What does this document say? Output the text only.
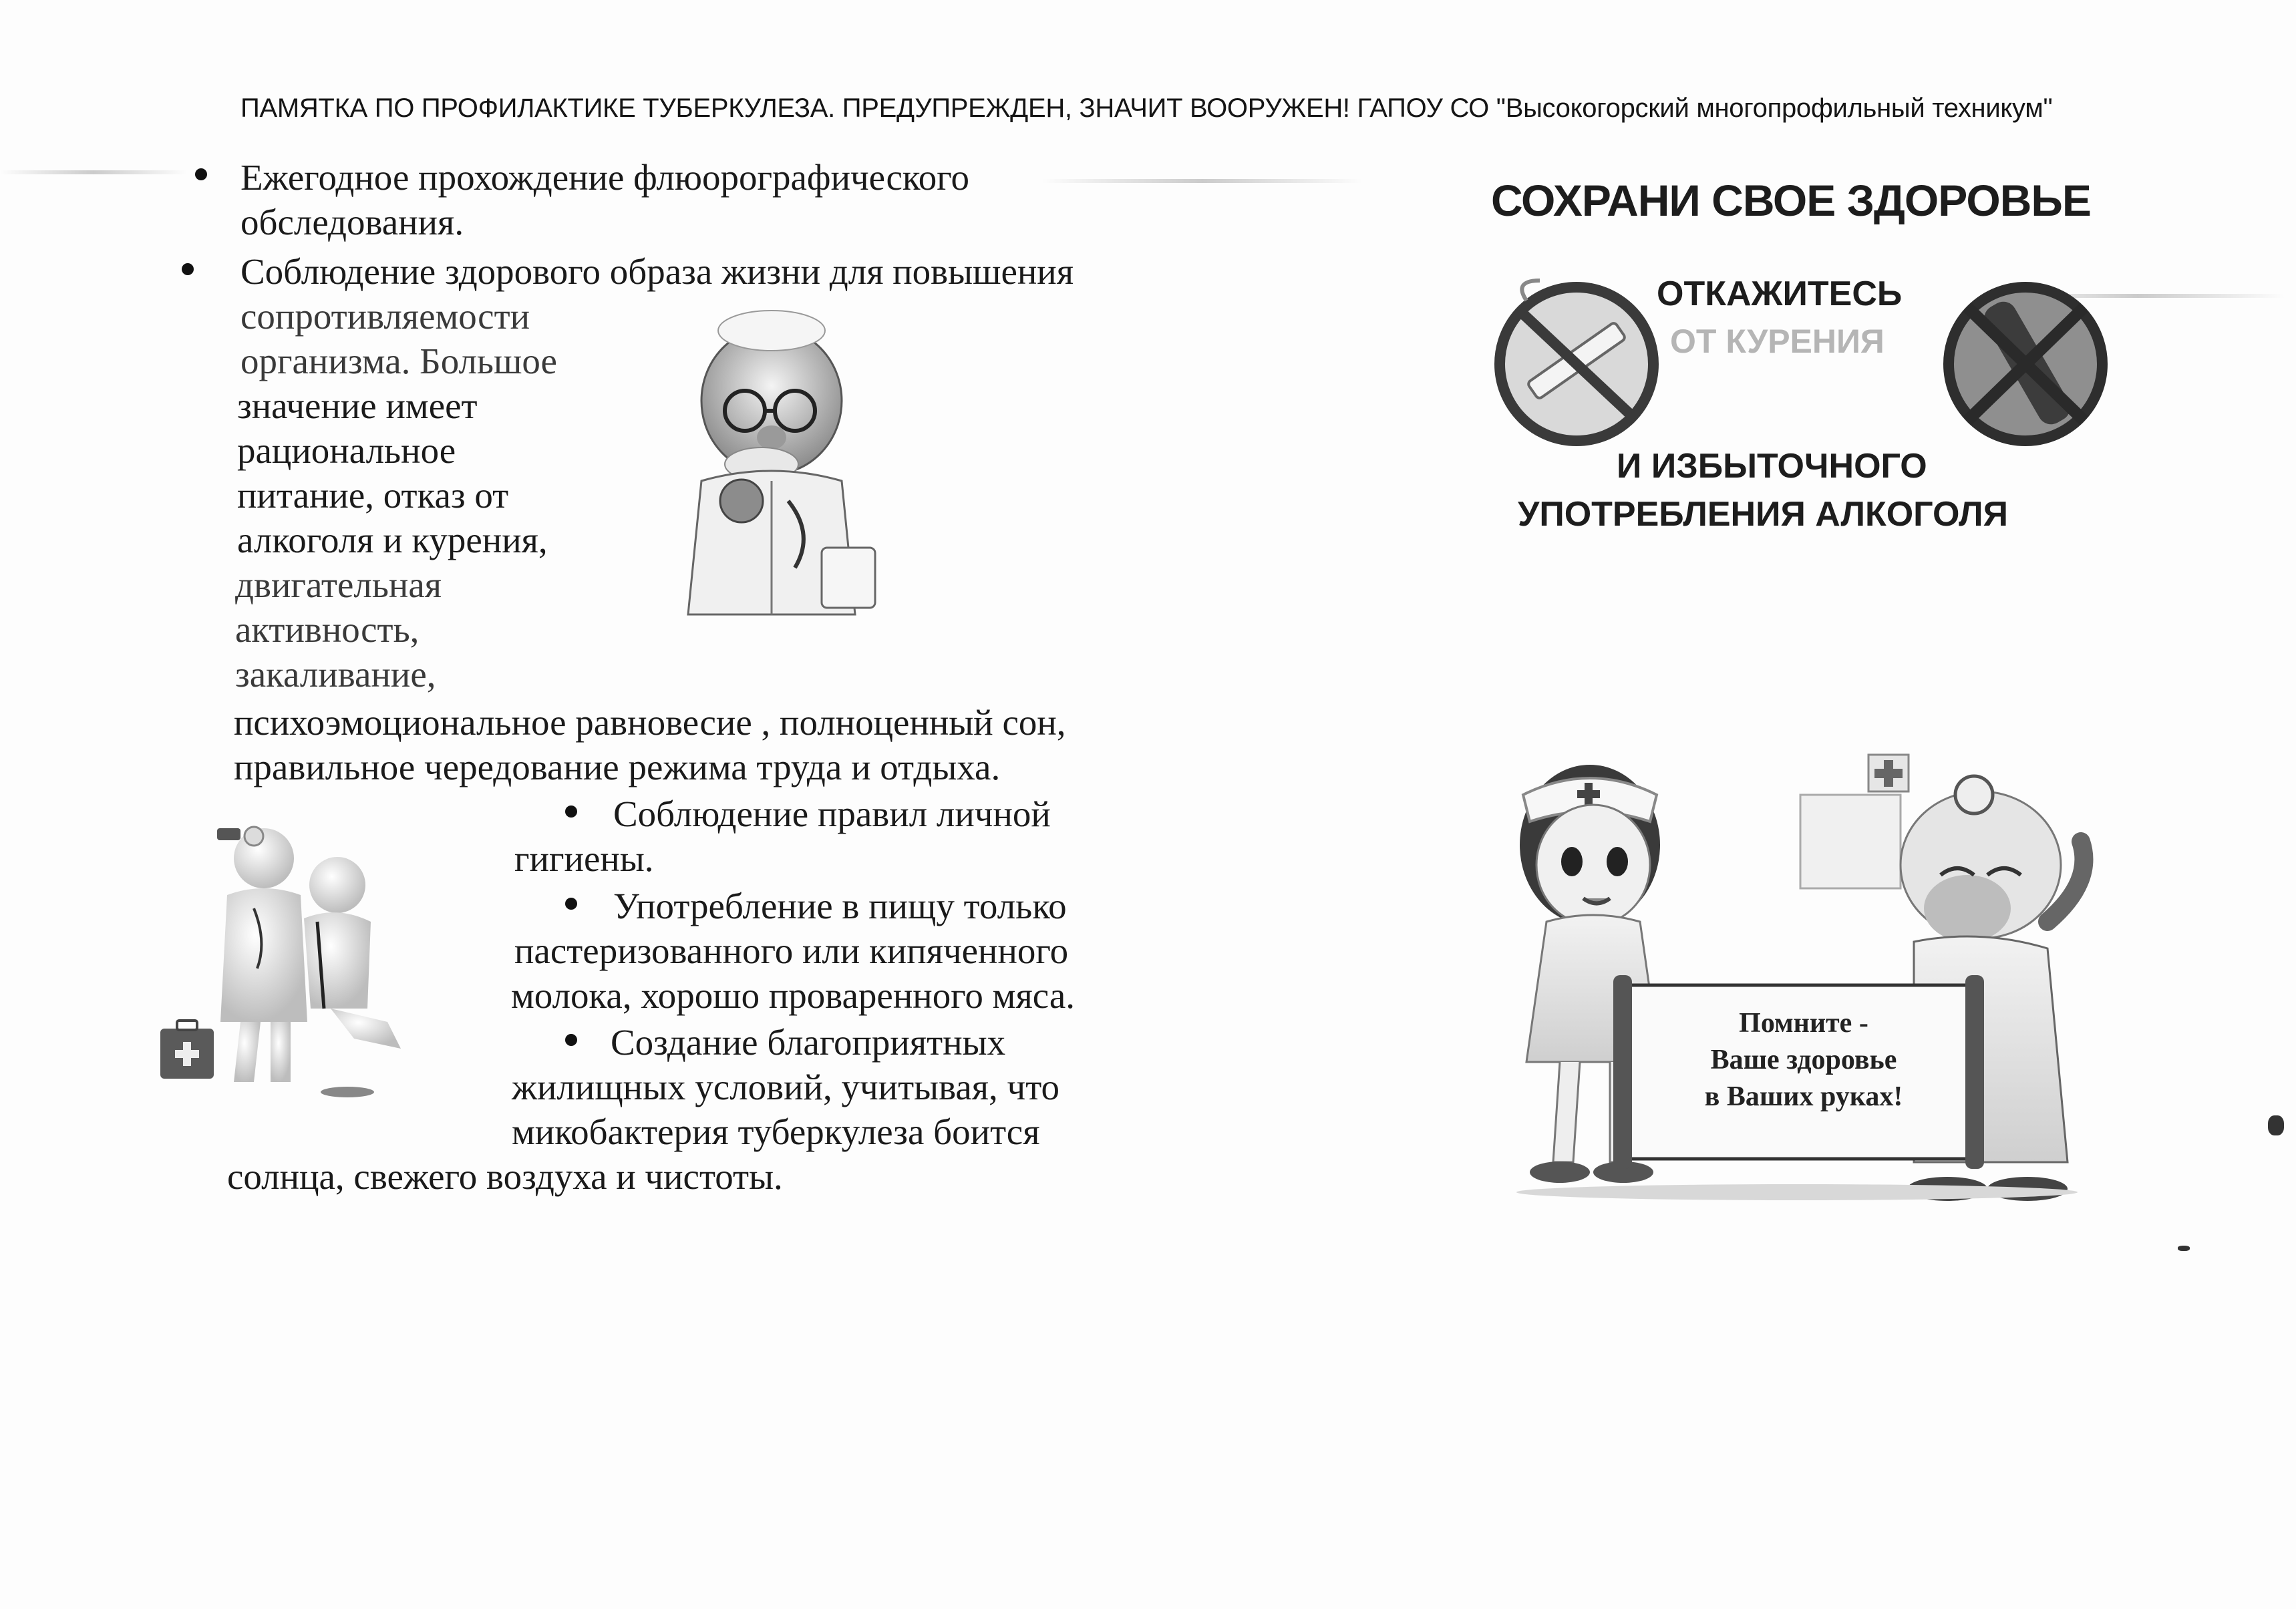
ПАМЯТКА ПО ПРОФИЛАКТИКЕ ТУБЕРКУЛЕЗА. ПРЕДУПРЕЖДЕН, ЗНАЧИТ ВООРУЖЕН! ГАПОУ СО "Высокогорский многопрофильный техникум"
Ежегодное прохождение флюорографического
обследования.
Соблюдение здорового образа жизни для повышения
сопротивляемости
организма. Большое
значение имеет
рациональное
питание, отказ от
алкоголя и курения,
двигательная
активность,
закаливание,
психоэмоциональное равновесие , полноценный сон,
правильное чередование режима труда и отдыха.
Соблюдение правил личной
гигиены.
Употребление в пищу только
пастеризованного или кипяченного
молока, хорошо проваренного мяса.
Создание благоприятных
жилищных условий, учитывая, что
микобактерия туберкулеза боится
солнца, свежего воздуха и чистоты.
СОХРАНИ СВОЕ ЗДОРОВЬЕ
ОТКАЖИТЕСЬ
ОТ КУРЕНИЯ
И ИЗБЫТОЧНОГО
УПОТРЕБЛЕНИЯ АЛКОГОЛЯ
Помните -
Ваше здоровье
в Ваших руках!
